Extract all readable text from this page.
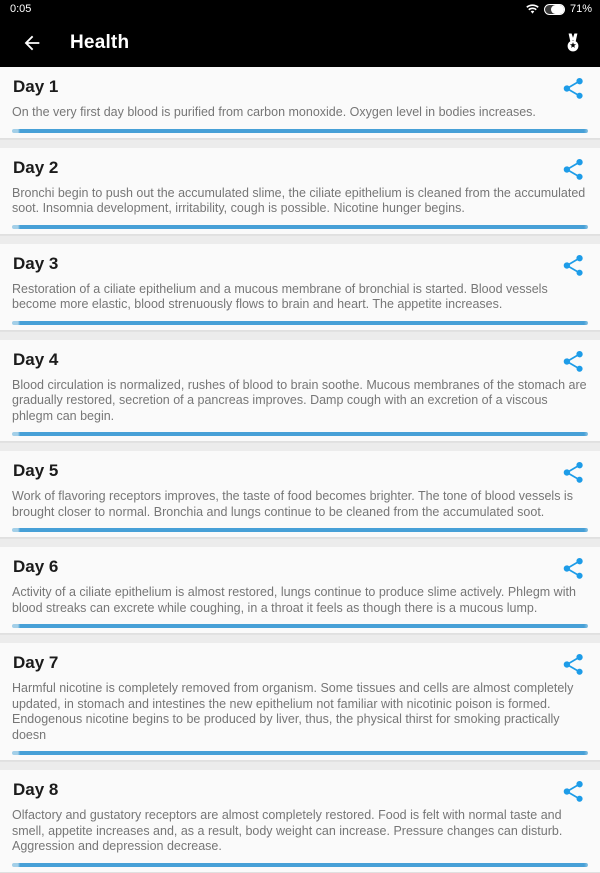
0:05	71%
Health
Day 1
On the very first day blood is purified from carbon monoxide. Oxygen level in bodies increases.
Day 2
Bronchi begin to push out the accumulated slime, the ciliate epithelium is cleaned from the accumulated soot. Insomnia development, irritability, cough is possible. Nicotine hunger begins.
Day 3
Restoration of a ciliate epithelium and a mucous membrane of bronchial is started. Blood vessels become more elastic, blood strenuously flows to brain and heart. The appetite increases.
Day 4
Blood circulation is normalized, rushes of blood to brain soothe. Mucous membranes of the stomach are gradually restored, secretion of a pancreas improves. Damp cough with an excretion of a viscous phlegm can begin.
Day 5
Work of flavoring receptors improves, the taste of food becomes brighter. The tone of blood vessels is brought closer to normal. Bronchia and lungs continue to be cleaned from the accumulated soot.
Day 6
Activity of a ciliate epithelium is almost restored, lungs continue to produce slime actively. Phlegm with blood streaks can excrete while coughing, in a throat it feels as though there is a mucous lump.
Day 7
Harmful nicotine is completely removed from organism. Some tissues and cells are almost completely updated, in stomach and intestines the new epithelium not familiar with nicotinic poison is formed. Endogenous nicotine begins to be produced by liver, thus, the physical thirst for smoking practically doesn
Day 8
Olfactory and gustatory receptors are almost completely restored. Food is felt with normal taste and smell, appetite increases and, as a result, body weight can increase. Pressure changes can disturb. Aggression and depression decrease.
